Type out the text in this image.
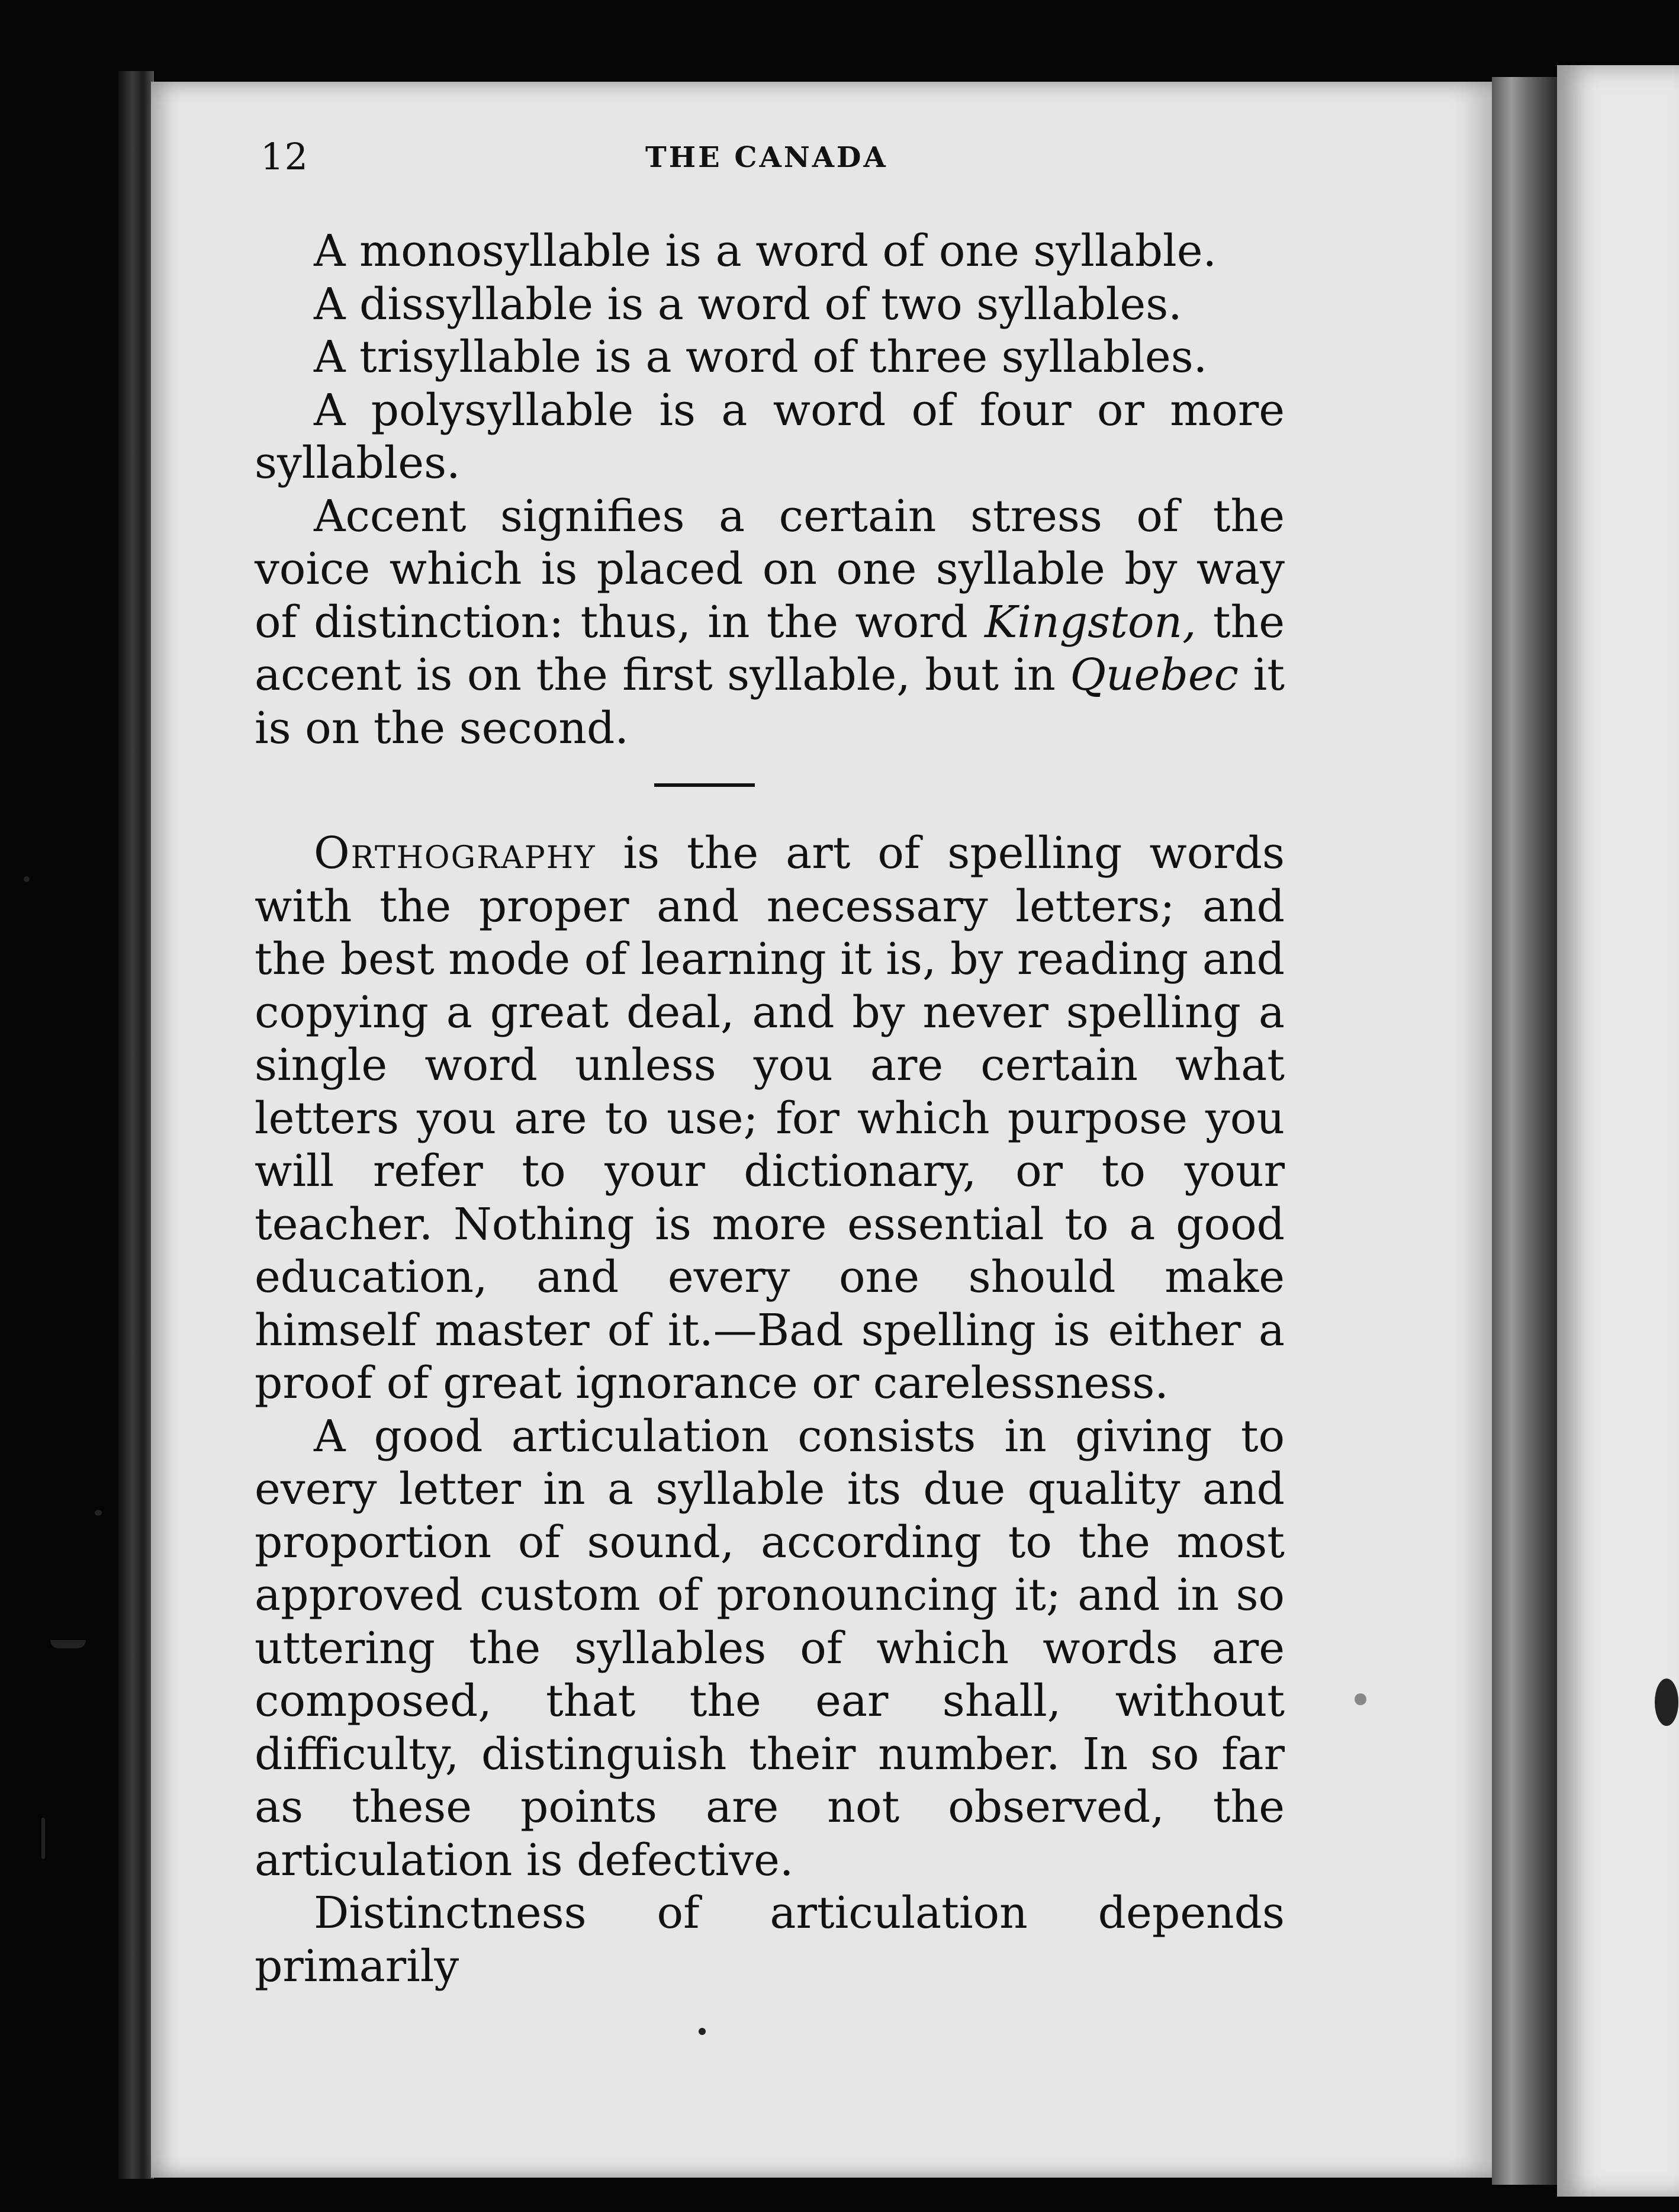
12	THE CANADA

A monosyllable is a word of one syllable.

A dissyllable is a word of two syllables.

A trisyllable is a word of three syllables.

A polysyllable is a word of four or more syllables.

Accent signifies a certain stress of the voice which is placed on one syllable by way of distinction: thus, in the word Kingston, the accent is on the first syllable, but in Quebec it is on the second.

Orthography is the art of spelling words with the proper and necessary letters; and the best mode of learning it is, by reading and copying a great deal, and by never spelling a single word unless you are certain what letters you are to use; for which purpose you will refer to your dictionary, or to your teacher. Nothing is more essential to a good education, and every one should make himself master of it.—Bad spelling is either a proof of great ignorance or carelessness.

A good articulation consists in giving to every letter in a syllable its due quality and proportion of sound, according to the most approved custom of pronouncing it; and in so uttering the syllables of which words are composed, that the ear shall, without difficulty, distinguish their number. In so far as these points are not observed, the articulation is defective.

Distinctness of articulation depends primarily
